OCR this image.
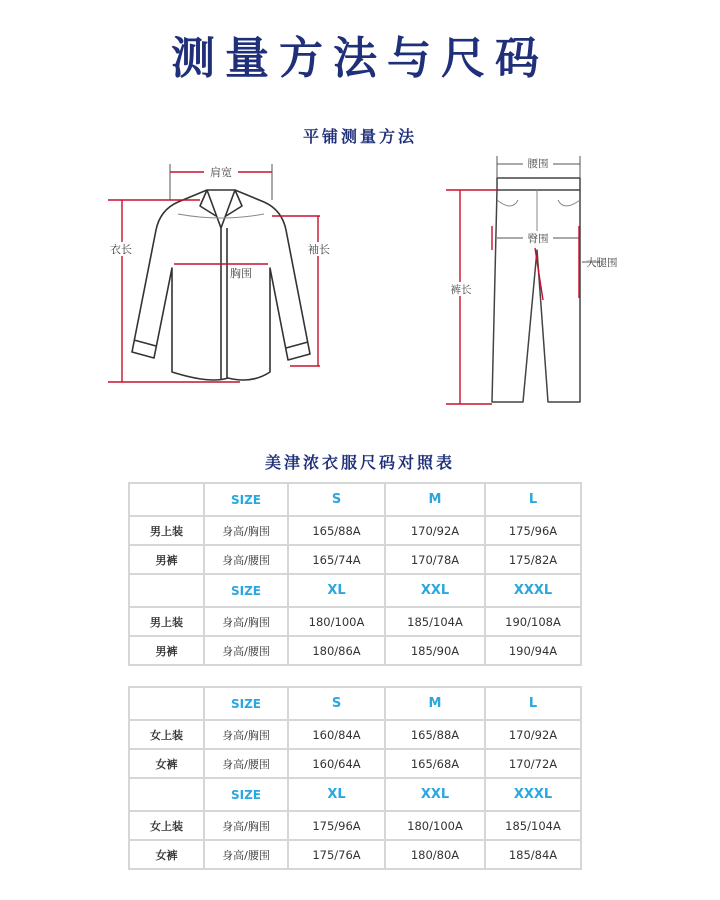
测量方法与尺码
平铺测量方法
肩宽
衣长	袖长
胸围
腰围
臀围
大腿围
裤长
美津浓衣服尺码对照表
	SIZE	S	M	L
男上装	身高/胸围	165/88A	170/92A	175/96A
男裤	身高/腰围	165/74A	170/78A	175/82A
	SIZE	XL	XXL	XXXL
男上装	身高/胸围	180/100A	185/104A	190/108A
男裤	身高/腰围	180/86A	185/90A	190/94A
	SIZE	S	M	L
女上装	身高/胸围	160/84A	165/88A	170/92A
女裤	身高/腰围	160/64A	165/68A	170/72A
	SIZE	XL	XXL	XXXL
女上装	身高/胸围	175/96A	180/100A	185/104A
女裤	身高/腰围	175/76A	180/80A	185/84A
